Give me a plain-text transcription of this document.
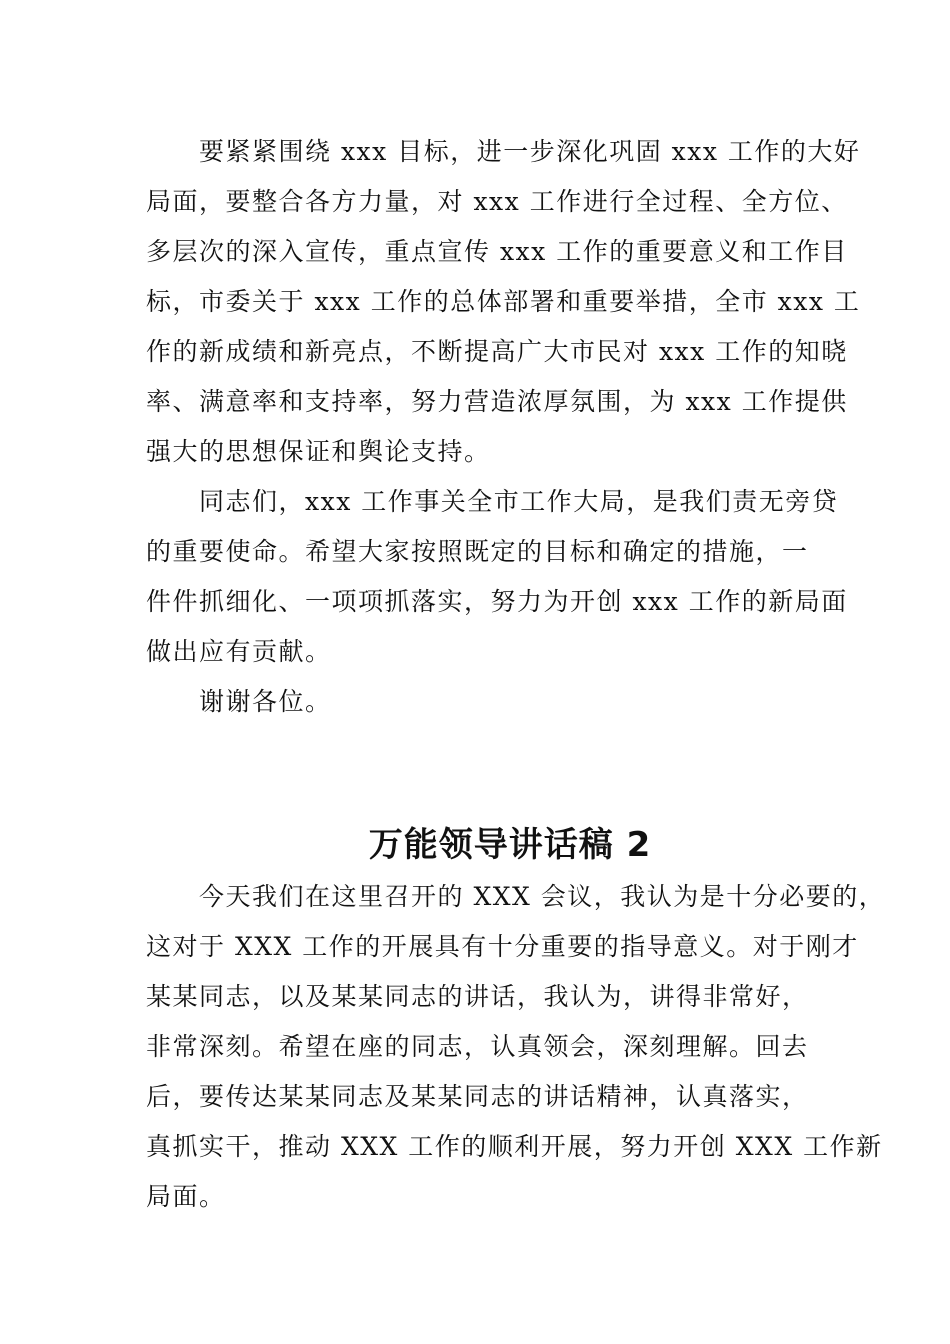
　　要紧紧围绕 xxx 目标，进一步深化巩固 xxx 工作的大好
局面，要整合各方力量，对 xxx 工作进行全过程、全方位、
多层次的深入宣传，重点宣传 xxx 工作的重要意义和工作目
标，市委关于 xxx 工作的总体部署和重要举措，全市 xxx 工
作的新成绩和新亮点，不断提高广大市民对 xxx 工作的知晓
率、满意率和支持率，努力营造浓厚氛围，为 xxx 工作提供
强大的思想保证和舆论支持。
　　同志们，xxx 工作事关全市工作大局，是我们责无旁贷
的重要使命。希望大家按照既定的目标和确定的措施，一
件件抓细化、一项项抓落实，努力为开创 xxx 工作的新局面
做出应有贡献。
　　谢谢各位。
万能领导讲话稿 2
　　今天我们在这里召开的 XXX 会议，我认为是十分必要的，
这对于 XXX 工作的开展具有十分重要的指导意义。对于刚才
某某同志，以及某某同志的讲话，我认为，讲得非常好，
非常深刻。希望在座的同志，认真领会，深刻理解。回去
后，要传达某某同志及某某同志的讲话精神，认真落实，
真抓实干，推动 XXX 工作的顺利开展，努力开创 XXX 工作新
局面。
